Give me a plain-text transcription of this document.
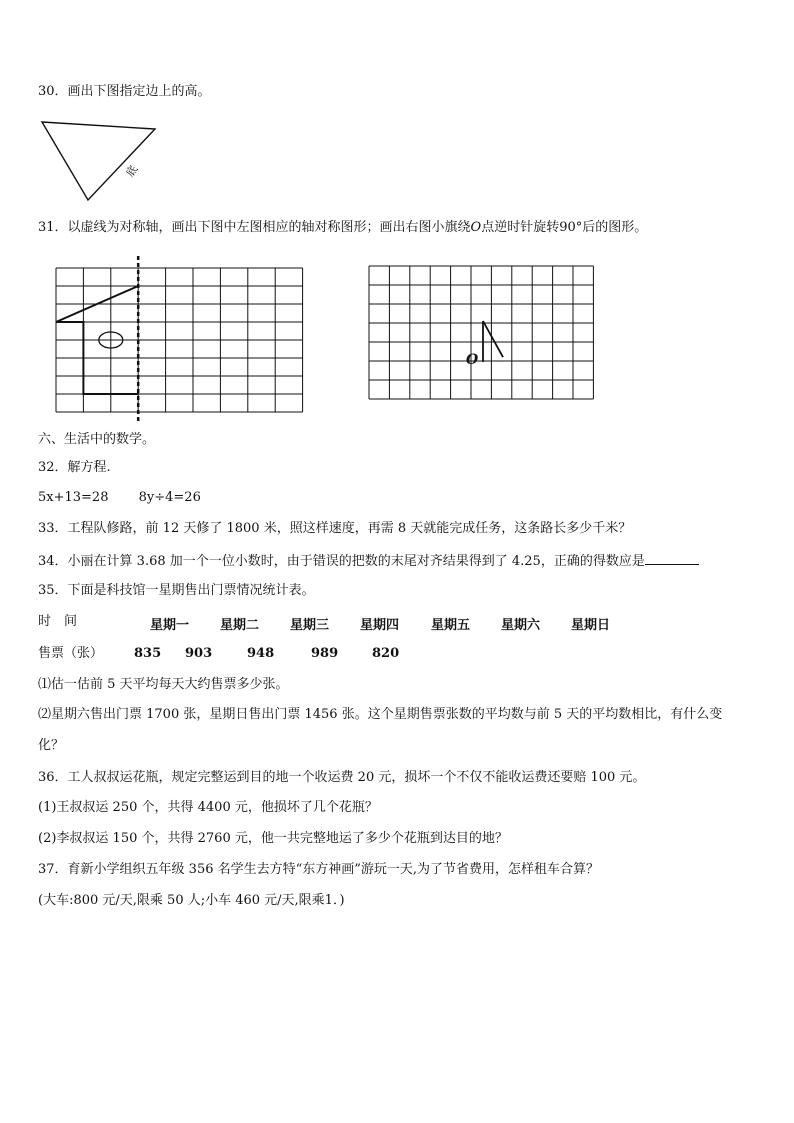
30．画出下图指定边上的高。
底
31．以虚线为对称轴，画出下图中左图相应的轴对称图形；画出右图小旗绕O点逆时针旋转90°后的图形。
O
六、生活中的数学。
32．解方程.
5x+13=28 8y÷4=26
33．工程队修路，前 12 天修了 1800 米，照这样速度，再需 8 天就能完成任务，这条路长多少千米？
34．小丽在计算 3.68 加一个一位小数时，由于错误的把数的末尾对齐结果得到了 4.25，正确的得数应是
35．下面是科技馆一星期售出门票情况统计表。
时　间	星期一 星期二 星期三 星期四 星期五 星期六 星期日
售票（张） 835 903	948	989	820
⑴估一估前 5 天平均每天大约售票多少张。
⑵星期六售出门票 1700 张，星期日售出门票 1456 张。这个星期售票张数的平均数与前 5 天的平均数相比，有什么变
化？
36．工人叔叔运花瓶，规定完整运到目的地一个收运费 20 元，损坏一个不仅不能收运费还要赔 100 元。
(1)王叔叔运 250 个，共得 4400 元，他损坏了几个花瓶？
(2)李叔叔运 150 个，共得 2760 元，他一共完整地运了多少个花瓶到达目的地？
37．育新小学组织五年级 356 名学生去方特“东方神画”游玩一天,为了节省费用，怎样租车合算？
(大车:800 元/天,限乘 50 人;小车 460 元/天,限乘1．)
